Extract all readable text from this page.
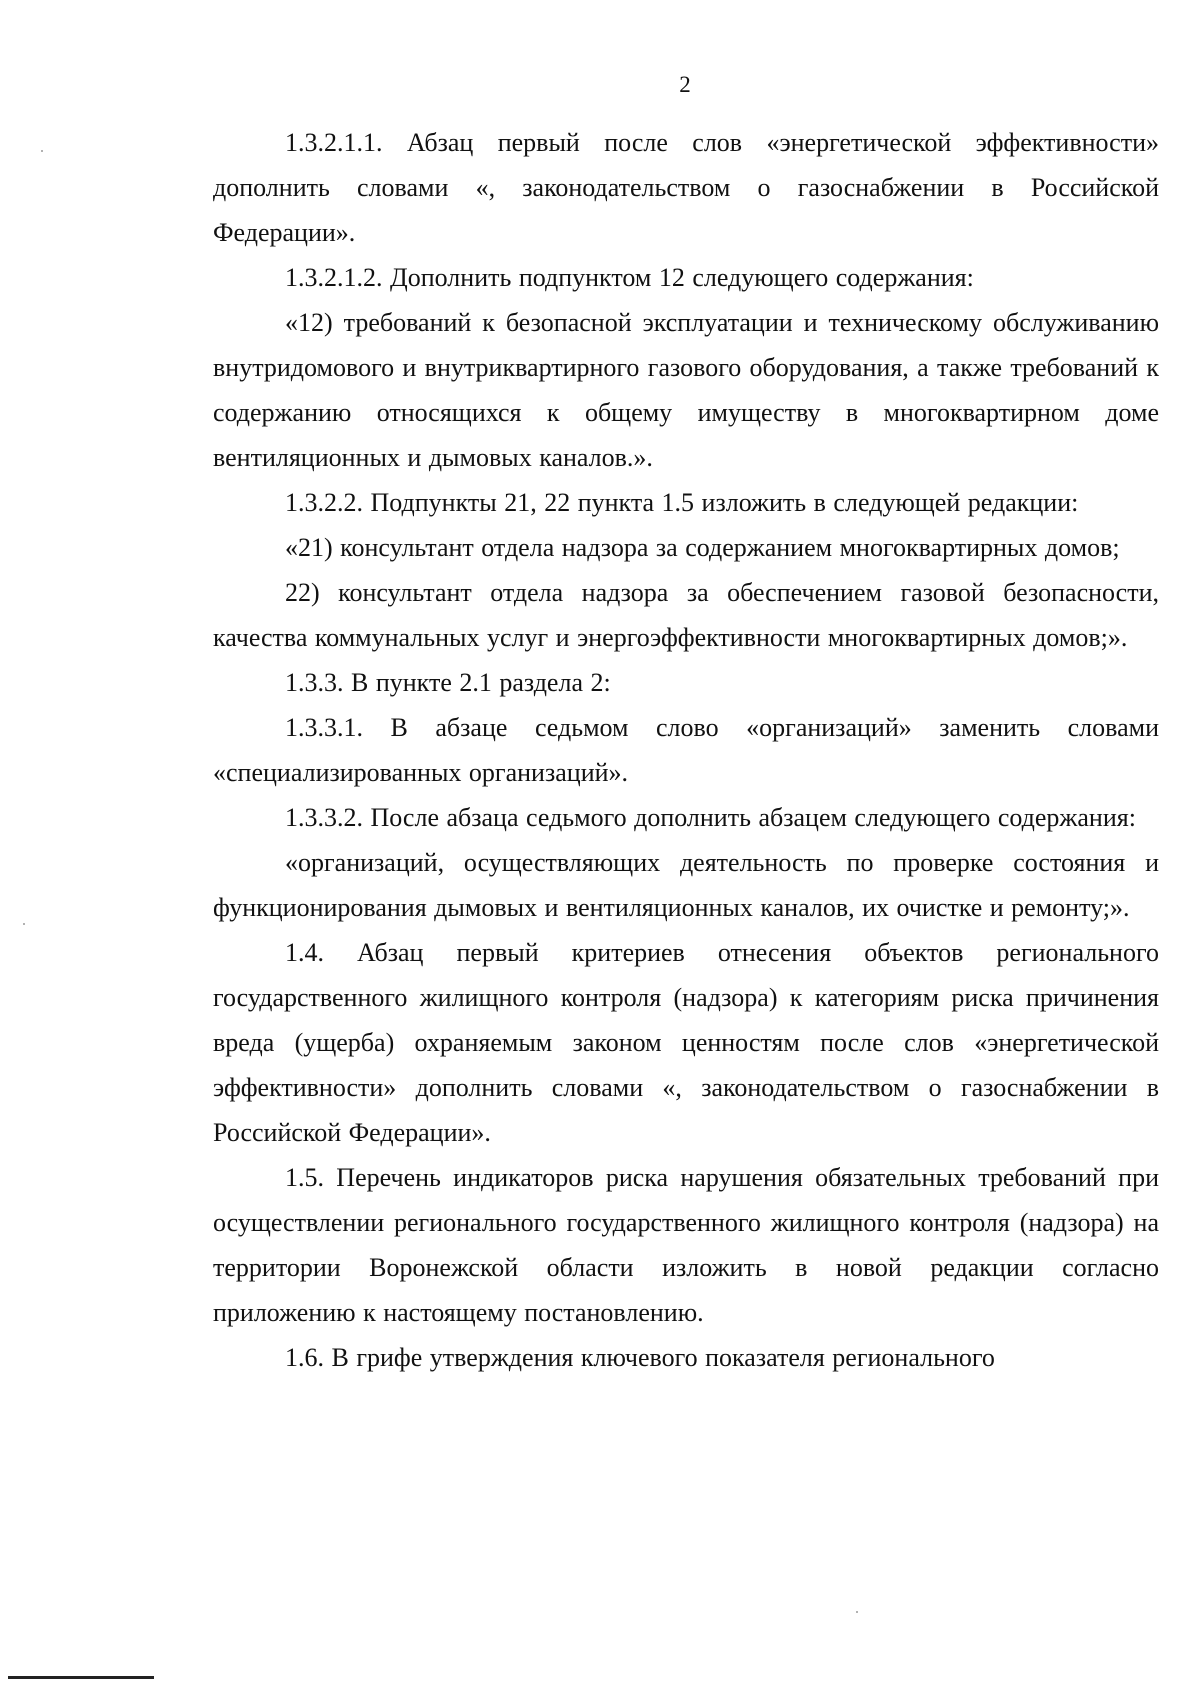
2

1.3.2.1.1. Абзац первый после слов «энергетической эффективности» дополнить словами «, законодательством о газоснабжении в Российской Федерации».

1.3.2.1.2. Дополнить подпунктом 12 следующего содержания:

«12) требований к безопасной эксплуатации и техническому обслуживанию внутридомового и внутриквартирного газового оборудования, а также требований к содержанию относящихся к общему имуществу в многоквартирном доме вентиляционных и дымовых каналов.».

1.3.2.2. Подпункты 21, 22 пункта 1.5 изложить в следующей редакции:

«21) консультант отдела надзора за содержанием многоквартирных домов;

22) консультант отдела надзора за обеспечением газовой безопасности, качества коммунальных услуг и энергоэффективности многоквартирных домов;».

1.3.3. В пункте 2.1 раздела 2:

1.3.3.1. В абзаце седьмом слово «организаций» заменить словами «специализированных организаций».

1.3.3.2. После абзаца седьмого дополнить абзацем следующего содержания:

«организаций, осуществляющих деятельность по проверке состояния и функционирования дымовых и вентиляционных каналов, их очистке и ремонту;».

1.4. Абзац первый критериев отнесения объектов регионального государственного жилищного контроля (надзора) к категориям риска причинения вреда (ущерба) охраняемым законом ценностям после слов «энергетической эффективности» дополнить словами «, законодательством о газоснабжении в Российской Федерации».

1.5. Перечень индикаторов риска нарушения обязательных требований при осуществлении регионального государственного жилищного контроля (надзора) на территории Воронежской области изложить в новой редакции согласно приложению к настоящему постановлению.

1.6. В грифе утверждения ключевого показателя регионального
